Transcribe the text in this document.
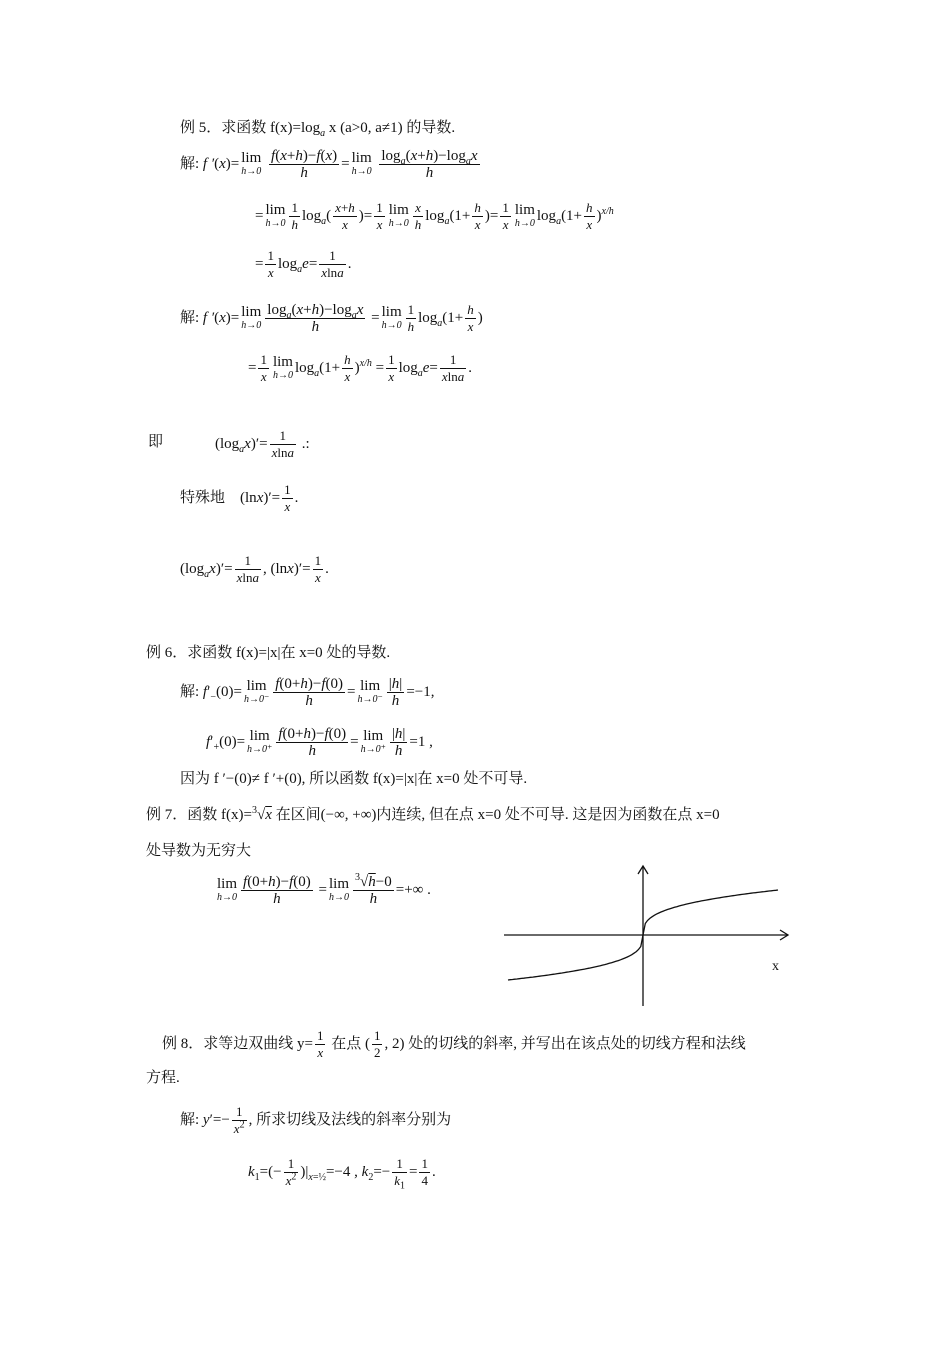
例 5．求函数 $f(x)=\log_a$ x (a>0, a≠1) 的导数.
解: f ′(x)= lim
h→0
$\frac{f(x+h)-f(x)}{h} = \lim$
h→0
$\frac{\log_a(x+h)-\log_ax}{h}$
= lim
$h\to 0 \frac{1}{h} \log_a( \frac{x+h}{x}$ )= $\frac{1}{x}$ lim
$h\to 0 \frac{x}{h} \log_a(1+ \frac{h}{x}$ )= $\frac{1}{x}$ lim
h→0 $\log_a(1+ \frac{h}{x} )^{x/h}$
= $\frac{1}{x} \log_ae= \frac{1}{xlna}$ .
解: f ′(x)= lim
$h\to 0 \frac{\log_a(x+h)-\log_ax}{h} = \lim$
$h\to 0 \frac{1}{h} \log_a(1+ \frac{h}{x}$ )
= $\frac{1}{x}$ lim
h→0 $\log_a(1+ \frac{h}{x} )^{x/h} = \frac{1}{x} \log_ae= \frac{1}{xlna}$ .
即	$(\log_ax)'= \frac{1}{xlna}$ .:
特殊地    $(\ln x)'= \frac{1}{x}$ .
$(\log_ax)'= \frac{1}{xlna}$ , $(\ln x)'= \frac{1}{x}$ .
例 6．求函数 f(x)=|x|在 x=0 处的导数.
解: $f'_-(0)= \lim$
$h\to 0^- \frac{f(0+h)-f(0)}{h} = \lim$
$h\to 0^- \frac{|h|}{h} =-1$,
$f'_+(0)= \lim$
$h\to 0^+ \frac{f(0+h)-f(0)}{h} = \lim$
$h\to 0^+ \frac{|h|}{h} =1$ ,
因为 f ′−(0)≠ f ′+(0), 所以函数 f(x)=|x|在 x=0 处不可导.
例 7．函数 f(x)=$^3$√x 在区间(−∞, +∞)内连续, 但在点 x=0 处不可导. 这是因为函数在点 x=0
处导数为无穷大
lim
$h\to 0 \frac{f(0+h)-f(0)}{h} = \lim$
$h\to 0 \frac{^3√h-0}{h}$ =+∞ .
x
例 8．求等边双曲线 $y= \frac{1}{x}$ 在点 ( $\frac{1}{2}$ , 2) 处的切线的斜率, 并写出在该点处的切线方程和法线
方程.
解: $y'=- \frac{1}{x^2}$ , 所求切线及法线的斜率分别为
$k_1=(- \frac{1}{x^2} )|_{x=\frac{1}{2}}=-4$ , $k_2=- \frac{1}{k_1} = \frac{1}{4}$ .
